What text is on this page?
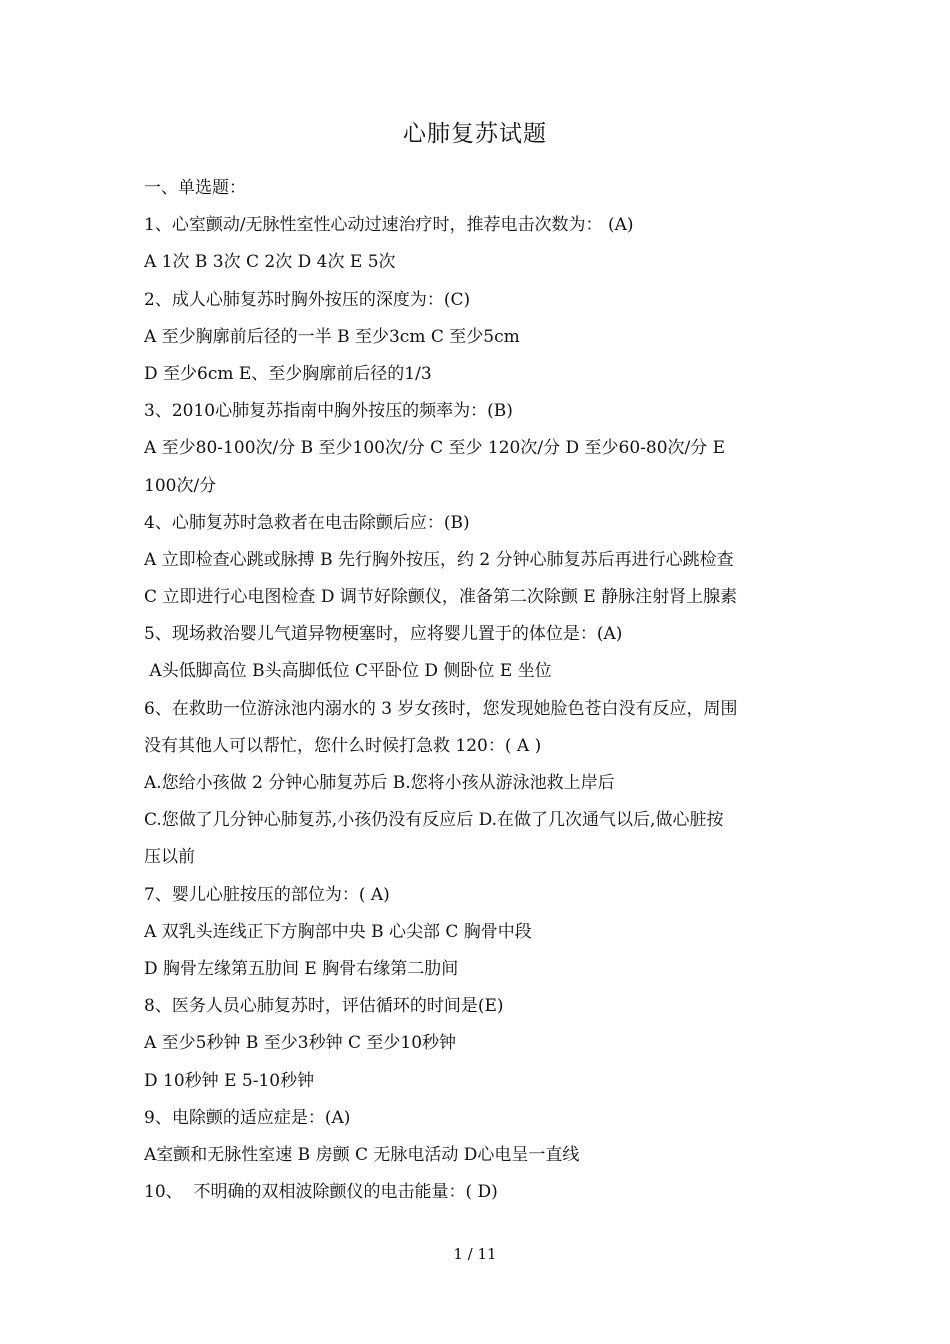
心肺复苏试题
一、单选题：
1、心室颤动/无脉性室性心动过速治疗时，推荐电击次数为： (A)
A 1次 B 3次 C 2次 D 4次 E 5次
2、成人心肺复苏时胸外按压的深度为：(C)
A 至少胸廓前后径的一半 B 至少3cm C 至少5cm
D 至少6cm E、至少胸廓前后径的1/3
3、2010心肺复苏指南中胸外按压的频率为：(B)
A 至少80-100次/分 B 至少100次/分 C 至少 120次/分 D 至少60-80次/分 E
100次/分
4、心肺复苏时急救者在电击除颤后应：(B)
A 立即检查心跳或脉搏 B 先行胸外按压，约 2 分钟心肺复苏后再进行心跳检查
C 立即进行心电图检查 D 调节好除颤仪，准备第二次除颤 E 静脉注射肾上腺素
5、现场救治婴儿气道异物梗塞时，应将婴儿置于的体位是：(A)
A头低脚高位 B头高脚低位 C平卧位 D 侧卧位 E 坐位
6、在救助一位游泳池内溺水的 3 岁女孩时，您发现她脸色苍白没有反应，周围
没有其他人可以帮忙，您什么时候打急救 120：( A )
A.您给小孩做 2 分钟心肺复苏后 B.您将小孩从游泳池救上岸后
C.您做了几分钟心肺复苏,小孩仍没有反应后 D.在做了几次通气以后,做心脏按
压以前
7、婴儿心脏按压的部位为：( A)
A 双乳头连线正下方胸部中央 B 心尖部 C 胸骨中段
D 胸骨左缘第五肋间 E 胸骨右缘第二肋间
8、医务人员心肺复苏时，评估循环的时间是(E)
A 至少5秒钟 B 至少3秒钟 C 至少10秒钟
D 10秒钟 E 5-10秒钟
9、电除颤的适应症是：(A)
A室颤和无脉性室速 B 房颤 C 无脉电活动 D心电呈一直线
10、  不明确的双相波除颤仪的电击能量：( D)
1 / 11
